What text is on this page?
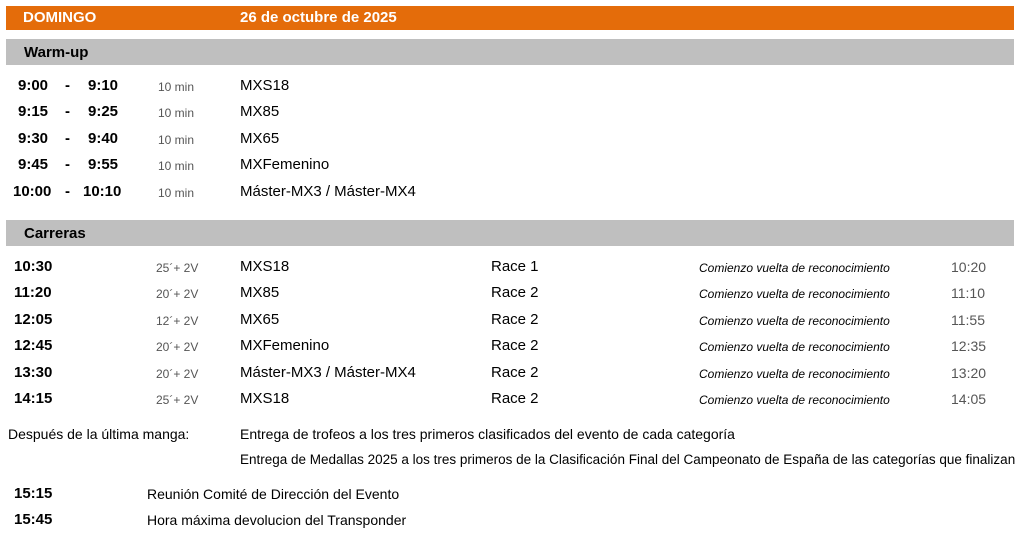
DOMINGO	26 de octubre de 2025
Warm-up
9:00 - 9:10	10 min	MXS18
9:15 - 9:25	10 min	MX85
9:30 - 9:40	10 min	MX65
9:45 - 9:55	10 min	MXFemenino
10:00 - 10:10	10 min	Máster-MX3 / Máster-MX4
Carreras
10:30	25´+ 2V	MXS18	Race 1	Comienzo vuelta de reconocimiento	10:20
11:20	20´+ 2V	MX85	Race 2	Comienzo vuelta de reconocimiento	11:10
12:05	12´+ 2V	MX65	Race 2	Comienzo vuelta de reconocimiento	11:55
12:45	20´+ 2V	MXFemenino	Race 2	Comienzo vuelta de reconocimiento	12:35
13:30	20´+ 2V	Máster-MX3 / Máster-MX4	Race 2	Comienzo vuelta de reconocimiento	13:20
14:15	25´+ 2V	MXS18	Race 2	Comienzo vuelta de reconocimiento	14:05
Después de la última manga:	Entrega de trofeos a los tres primeros clasificados del evento de cada categoría
Entrega de Medallas 2025 a los tres primeros de la Clasificación Final del Campeonato de España de las categorías que finalizan
15:15	Reunión Comité de Dirección del Evento
15:45	Hora máxima devolucion del Transponder
